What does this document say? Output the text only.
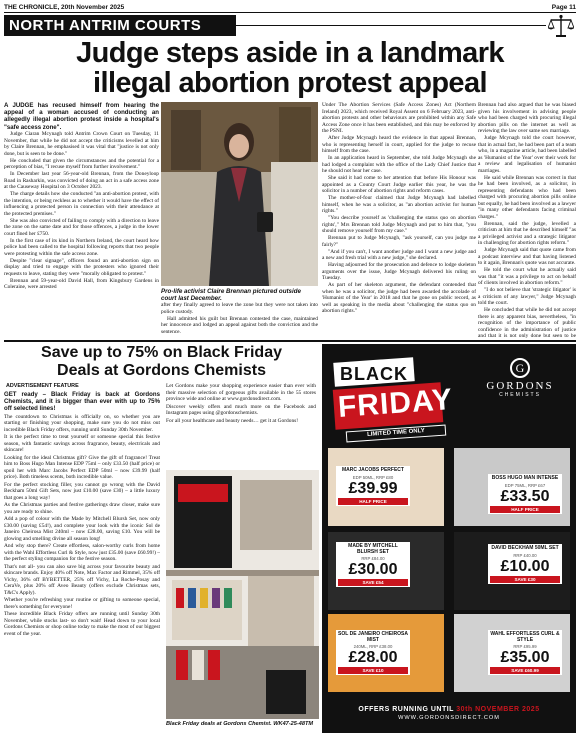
THE CHRONICLE, 20th November 2025	Page 11
NORTH ANTRIM COURTS
Judge steps aside in a landmark
illegal abortion protest appeal

A JUDGE has recused himself from hearing the appeal of a woman accused of conducting an allegedly illegal abortion protest inside a hospital's "safe access zone".

Judge Ciaran Mcynagh told Antrim Crown Court on Tuesday, 11 November, that while he did not accept the criticisms levelled at him by Claire Brennan, he emphasised it was vital that "justice is not only done, but is seen to be done."

He concluded that given the circumstances and the potential for a perception of bias, "I recuse myself from further involvement."

In December last year 56-year-old Brennan, from the Doneyloop Road in Rasharkin, was convicted of doing an act in a safe access zone at the Causeway Hospital on 3 October 2023.

The charge details how she conducted "an anti-abortion protest, with the intention, or being reckless as to whether it would have the effect of influencing a protected person in connection with their attendance at the protected premises."

She was also convicted of failing to comply with a direction to leave the zone on the same date and for those offences, a judge in the lower court fined her £750.

In the first case of its kind in Northern Ireland, the court heard how police had been called to the hospital following reports that two people were protesting within the safe access zone.

Despite "clear signage", officers found an anti-abortion sign on display and tried to engage with the protesters who ignored their requests to leave, stating they were "morally obligated to protest."

Brennan and 59-year-old David Hall, from Kingsbury Gardens in Coleraine, were arrested

Pro-life activist Claire Brennan pictured outside court last December.

after they finally agreed to leave the zone but they were not taken into police custody.

Hall admitted his guilt but Brennan contested the case, maintained her innocence and lodged an appeal against both the conviction and the sentence.

Under The Abortion Services (Safe Access Zones) Act (Northern Ireland) 2023, which received Royal Assent on 6 February 2023, anti-abortion protests and other behaviours are prohibited within any Safe Access Zone once it has been established, and this may be enforced by the PSNI.

After Judge Mcynagh heard the evidence in that appeal Brennan, who is representing herself in court, applied for the judge to recuse himself from the case.

In an application heard in September, she told Judge Mcynagh she had lodged a complaint with the office of the Lady Chief Justice that he should not hear her case.

She said it had come to her attention that before His Honour was appointed as a County Court Judge earlier this year, he was the solicitor in a number of abortion rights and reform cases.

The mother-of-four claimed that Judge Mcynagh had labelled himself, when he was a solicitor, as "an abortion activist for human rights."

"You describe yourself as 'challenging the status quo on abortion rights'," Mrs Brennan told Judge Mcynagh and put to him that, "you should remove yourself from my case."

Brennan put to Judge Mcynagh, "ask yourself, can you judge me fairly?"

"And if you can't, I want another judge and I want a new judge and a new and fresh trial with a new judge," she declared.

Having adjourned for the prosecution and defence to lodge skeleton arguments over the issue, Judge Mcynagh delivered his ruling on Tuesday.

As part of her skeleton argument, the defendant contended that when he was a solicitor, the judge had been awarded the accolade of 'Humanist of the Year' in 2018 and that he gone on public record, as well as speaking in the media about "challenging the status quo on abortion rights."

Brennan had also argued that he was biased given his involvement in advising people who had been charged with procuring illegal abortion pills on the internet as well as reviewing the law over same sex marriage.

Judge Mcynagh told the court however, that in actual fact, he had been part of a team who, in a magazine article, had been labelled as 'Humanist of the Year' over their work for a review and legalisation of humanist marriages.

He said while Brennan was correct in that he had been involved, as a solicitor, in representing defendants who had been charged with procuring abortion pills online but equally, he had been involved as a lawyer "in many other defendants facing criminal charges."

Brennan, said the judge, levelled a criticism at him that he described himself "as a privileged activist and a strategic litigator in challenging for abortion rights reform."

Judge Mcynagh said that quote came from a podcast interview and that having listened to it again, Brennan's quote was not accurate.

He told the court what he actually said was that "it was a privilege to act on behalf of clients involved in abortion reform."

"I do not believe that 'strategic litigator' is a criticism of any lawyer," Judge Mcynagh told the court.

He concluded that while he did not accept there is any apparent bias, nevertheless, "in recognition of the importance of public confidence in the administration of justice and that it is not only done but seen to be

Save up to 75% on Black Friday
Deals at Gordons Chemists
ADVERTISEMENT FEATURE

GET ready – Black Friday is back at Gordons Chemists, and it is bigger than ever with up to 75% off selected lines!

The countdown to Christmas is officially on, so whether you are starting or finishing your shopping, make sure you do not miss out incredible Black Friday offers, running until Sunday 30th November.

It is the perfect time to treat yourself or someone special this festive season, with fantastic savings across fragrance, beauty, electricals and skincare!

Looking for the ideal Christmas gift? Give the gift of fragrance! Treat him to Boss Hugo Man Intense EDP 75ml – only £33.50 (half price) or spoil her with Marc Jacobs Perfect EDP 50ml – now £39.99 (half price). Both timeless scents, both incredible value.

For the perfect stocking filler, you cannot go wrong with the David Beckham 50ml Gift Sets, now just £10.00 (save £30) – a little luxury that goes a long way!

As the Christmas parties and festive gatherings draw closer, make sure you are ready to shine.

Add a pop of colour with the Made by Mitchell Blursh Set, now only £30.00 (saving £54!), and complete your look with the iconic Sol de Janeiro Cheirosa Mist 240ml – now £28.00, saving £10. You will be glowing and smelling divine all season long!

And why stop there? Create effortless, salon-worthy curls from home with the Wahl Effortless Curl & Style, now just £35.00 (save £60.99!) – the perfect styling companion for the festive season.

That's not all- you can also save big across your favourite beauty and skincare brands. Enjoy 40% off Note, Max Factor and Rimmel, 35% off Vichy, 36% off BYBETTER, 25% off Vichy, La Roche-Posay and CeraVe, plus 20% off Aveo Beauty (offers exclude Christmas sets, T&C's Apply).

Whether you're refreshing your routine or gifting to someone special, there's something for everyone!

These incredible Black Friday offers are running until Sunday 30th November, while stocks last- so don't wait! Head down to your local Gordons Chemists or shop online today to make the most of our biggest event of the year.

Let Gordons make your shopping experience easier than ever with their massive selection of gorgeous gifts available in the 55 stores province wide and online at www.gordonsdirect.com.

Discover weekly offers and much more on the Facebook and Instagram pages using @gordonschemists.

For all your healthcare and beauty needs… get it at Gordons!

Black Friday deals at Gordons Chemist. WK47-25-48TM
BLACK
FRIDAY
LIMITED TIME ONLY
G
GORDONS
CHEMISTS
MARC JACOBS PERFECT
EDP 50ML, RRP £80
£39.99
HALF PRICE
BOSS HUGO MAN INTENSE
EDP 75ML, RRP £67
£33.50
HALF PRICE
MADE BY MITCHELL BLURSH SET
RRP £84.00
£30.00
SAVE £54
DAVID BECKHAM 50ML SET
RRP £40.00
£10.00
SAVE £30
SOL DE JANEIRO CHEIROSA MIST
240ML, RRP £38.00
£28.00
SAVE £10
WAHL EFFORTLESS CURL & STYLE
RRP £95.99
£35.00
SAVE £60.99
OFFERS RUNNING UNTIL 30th NOVEMBER 2025
WWW.GORDONSDIRECT.COM
